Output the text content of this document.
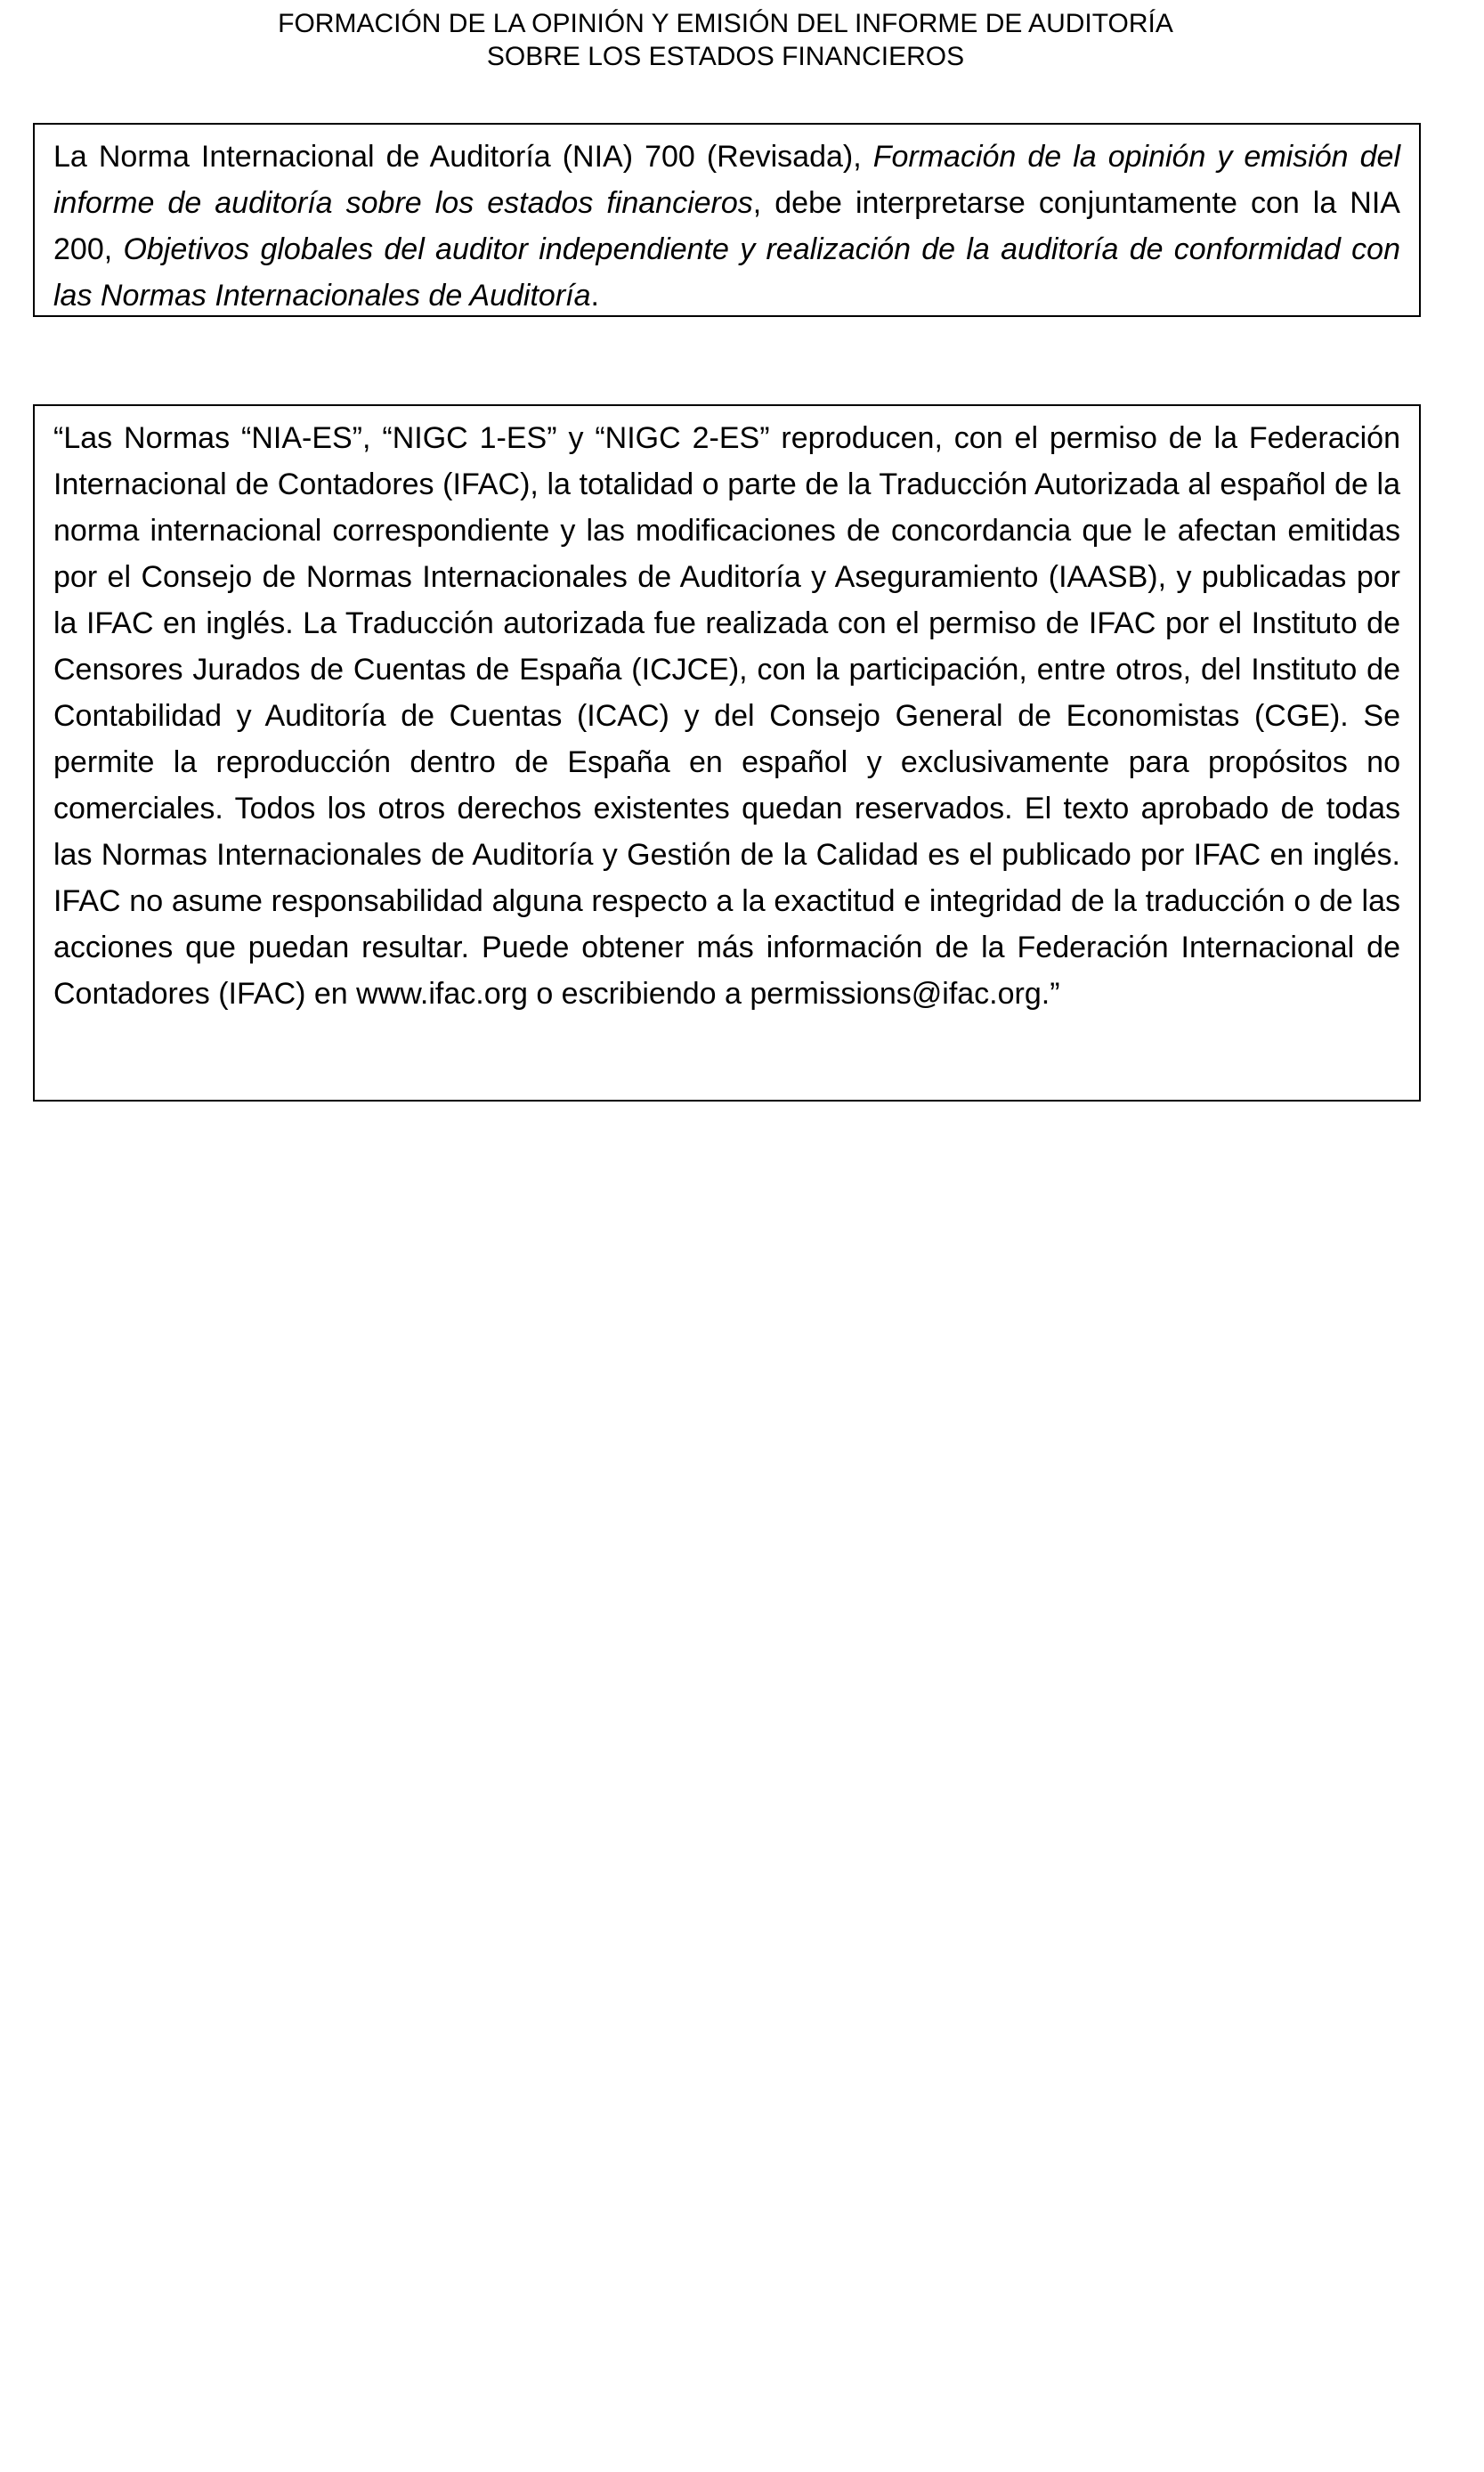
FORMACIÓN DE LA OPINIÓN Y EMISIÓN DEL INFORME DE AUDITORÍA
SOBRE LOS ESTADOS FINANCIEROS

La Norma Internacional de Auditoría (NIA) 700 (Revisada), Formación de la opinión y emisión del informe de auditoría sobre los estados financieros, debe interpretarse conjuntamente con la NIA 200, Objetivos globales del auditor independiente y realización de la auditoría de conformidad con las Normas Internacionales de Auditoría.

“Las Normas “NIA-ES”, “NIGC 1-ES” y “NIGC 2-ES” reproducen, con el permiso de la Federación Internacional de Contadores (IFAC), la totalidad o parte de la Traducción Autorizada al español de la norma internacional correspondiente y las modificaciones de concordancia que le afectan emitidas por el Consejo de Normas Internacionales de Auditoría y Aseguramiento (IAASB), y publicadas por la IFAC en inglés. La Traducción autorizada fue realizada con el permiso de IFAC por el Instituto de Censores Jurados de Cuentas de España (ICJCE), con la participación, entre otros, del Instituto de Contabilidad y Auditoría de Cuentas (ICAC) y del Consejo General de Economistas (CGE). Se permite la reproducción dentro de España en español y exclusivamente para propósitos no comerciales. Todos los otros derechos existentes quedan reservados. El texto aprobado de todas las Normas Internacionales de Auditoría y Gestión de la Calidad es el publicado por IFAC en inglés. IFAC no asume responsabilidad alguna respecto a la exactitud e integridad de la traducción o de las acciones que puedan resultar. Puede obtener más información de la Federación Internacional de Contadores (IFAC) en www.ifac.org o escribiendo a permissions@ifac.org.”
